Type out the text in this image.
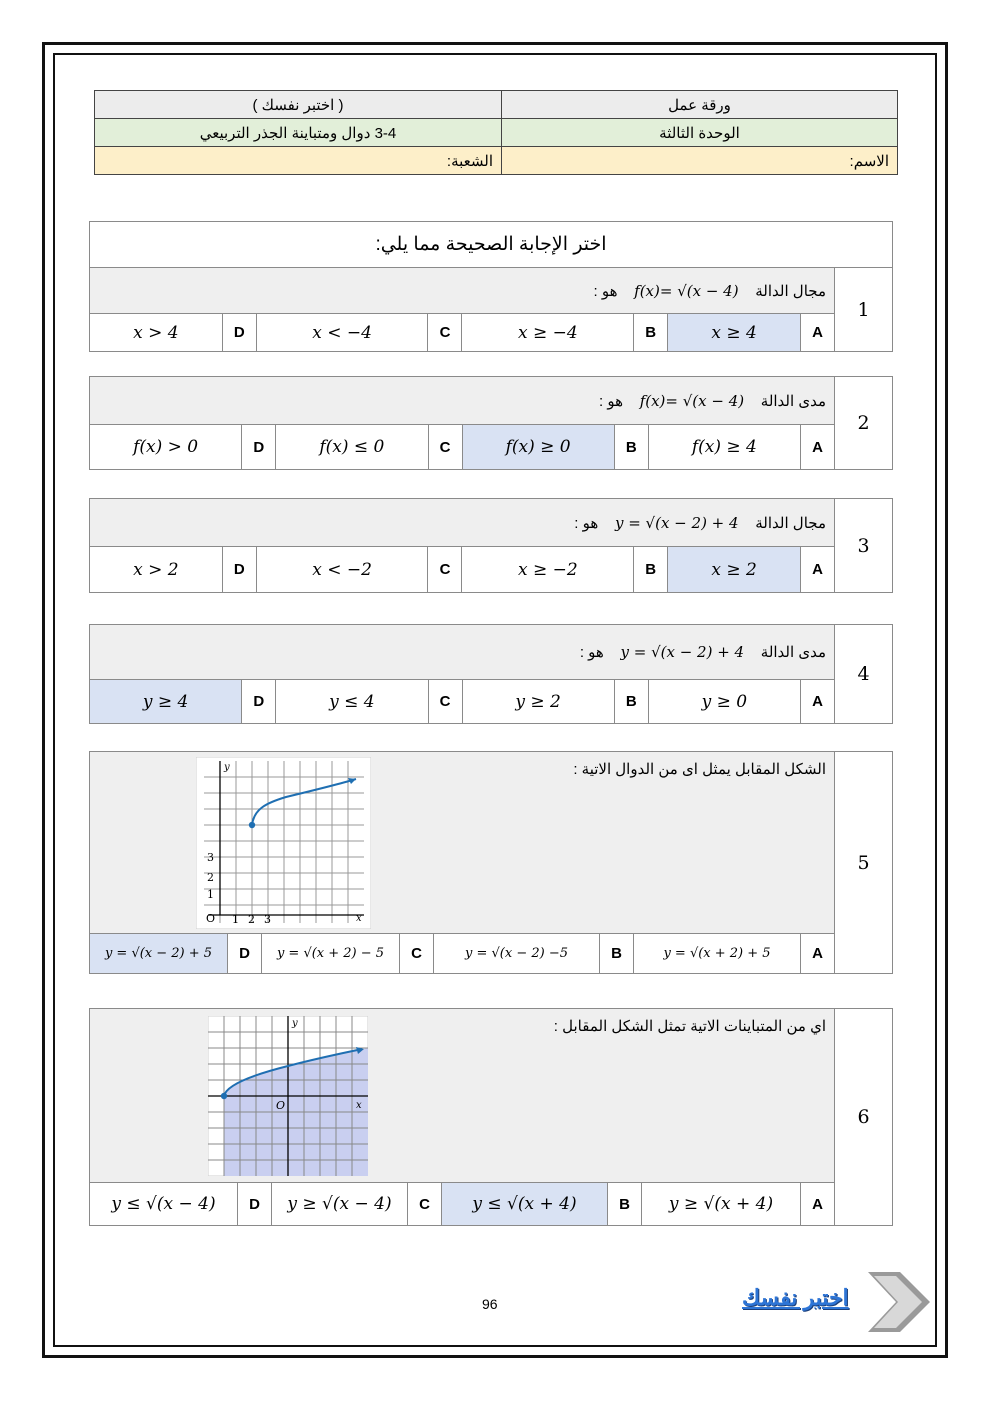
( اختبر نفسك )	ورقة عمل
3-4 دوال ومتباينة الجذر التربيعي	الوحدة الثالثة
الشعبة:	الاسم:
اختر الإجابة الصحيحة مما يلي:								
مجال الدالة    f(x)= √(x − 4)    هو :								1
x > 4	D	x < −4	C	x ≥ −4	B	x ≥ 4	A	
مدى الدالة    f(x)= √(x − 4)    هو :								2
f(x) > 0	D	f(x) ≤ 0	C	f(x) ≥ 0	B	f(x) ≥ 4	A	
مجال الدالة    y = √(x − 2) + 4    هو :								3
x > 2	D	x < −2	C	x ≥ −2	B	x ≥ 2	A	
مدى الدالة    y = √(x − 2) + 4    هو :								4
y ≥ 4	D	y ≤ 4	C	y ≥ 2	B	y ≥ 0	A	
الشكل المقابل يمثل اى من الدوال الاتية :								5
y = √(x − 2) + 5	D	y = √(x + 2) − 5	C	y = √(x − 2) −5	B	y = √(x + 2) + 5	A	
y
x
O
3
2
1
1 2 3
اي من المتباينات الاتية تمثل الشكل المقابل :								6
y ≤ √(x − 4)	D	y ≥ √(x − 4)	C	y ≤ √(x + 4)	B	y ≥ √(x + 4)	A	
y
x
O
96	اختبر نفسك
